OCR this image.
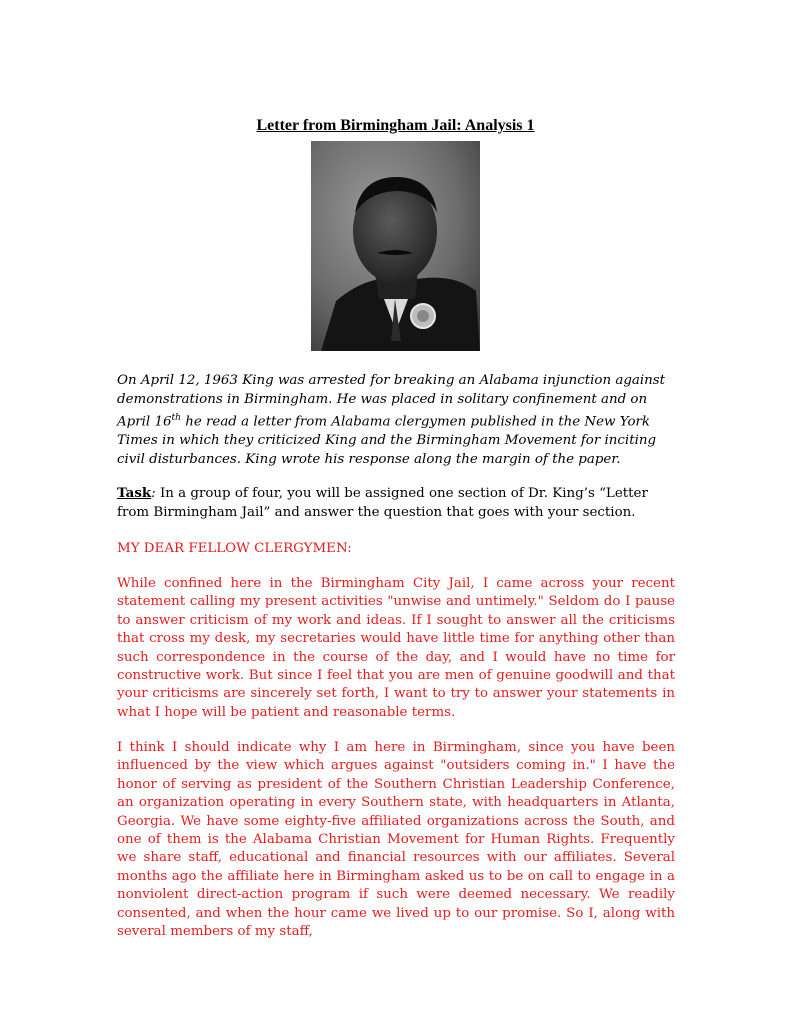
Letter from Birmingham Jail: Analysis 1
On April 12, 1963 King was arrested for breaking an Alabama injunction against demonstrations in Birmingham. He was placed in solitary confinement and on April 16th he read a letter from Alabama clergymen published in the New York Times in which they criticized King and the Birmingham Movement for inciting civil disturbances. King wrote his response along the margin of the paper.
Task: In a group of four, you will be assigned one section of Dr. King’s “Letter from Birmingham Jail” and answer the question that goes with your section.
MY DEAR FELLOW CLERGYMEN:
While confined here in the Birmingham City Jail, I came across your recent statement calling my present activities "unwise and untimely." Seldom do I pause to answer criticism of my work and ideas. If I sought to answer all the criticisms that cross my desk, my secretaries would have little time for anything other than such correspondence in the course of the day, and I would have no time for constructive work. But since I feel that you are men of genuine goodwill and that your criticisms are sincerely set forth, I want to try to answer your statements in what I hope will be patient and reasonable terms.
I think I should indicate why I am here in Birmingham, since you have been influenced by the view which argues against "outsiders coming in." I have the honor of serving as president of the Southern Christian Leadership Conference, an organization operating in every Southern state, with headquarters in Atlanta, Georgia. We have some eighty-five affiliated organizations across the South, and one of them is the Alabama Christian Movement for Human Rights. Frequently we share staff, educational and financial resources with our affiliates. Several months ago the affiliate here in Birmingham asked us to be on call to engage in a nonviolent direct-action program if such were deemed necessary. We readily consented, and when the hour came we lived up to our promise. So I, along with several members of my staff,
